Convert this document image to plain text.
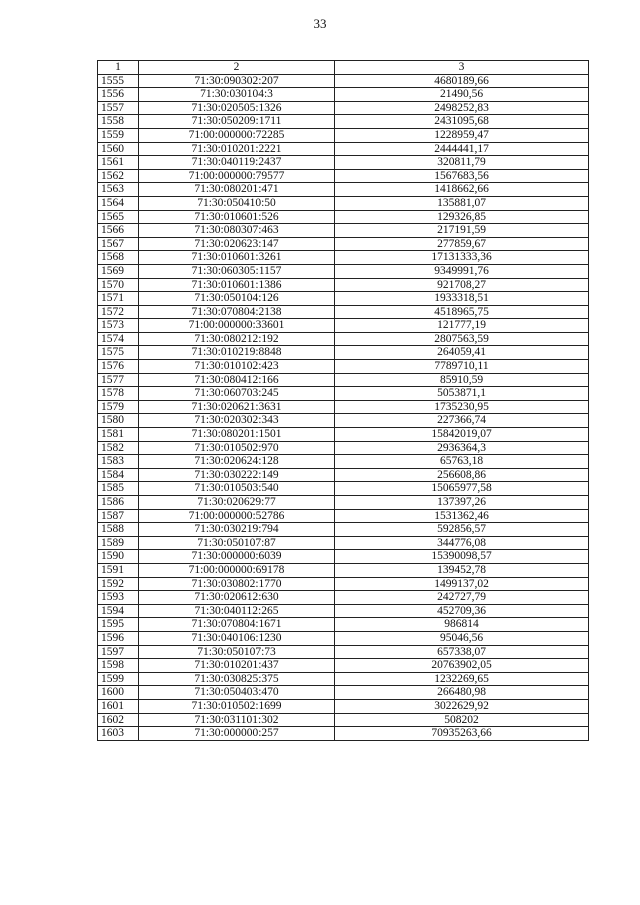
33
1	2	3
1555	71:30:090302:207	4680189,66
1556	71:30:030104:3	21490,56
1557	71:30:020505:1326	2498252,83
1558	71:30:050209:1711	2431095,68
1559	71:00:000000:72285	1228959,47
1560	71:30:010201:2221	2444441,17
1561	71:30:040119:2437	320811,79
1562	71:00:000000:79577	1567683,56
1563	71:30:080201:471	1418662,66
1564	71:30:050410:50	135881,07
1565	71:30:010601:526	129326,85
1566	71:30:080307:463	217191,59
1567	71:30:020623:147	277859,67
1568	71:30:010601:3261	17131333,36
1569	71:30:060305:1157	9349991,76
1570	71:30:010601:1386	921708,27
1571	71:30:050104:126	1933318,51
1572	71:30:070804:2138	4518965,75
1573	71:00:000000:33601	121777,19
1574	71:30:080212:192	2807563,59
1575	71:30:010219:8848	264059,41
1576	71:30:010102:423	7789710,11
1577	71:30:080412:166	85910,59
1578	71:30:060703:245	5053871,1
1579	71:30:020621:3631	1735230,95
1580	71:30:020302:343	227366,74
1581	71:30:080201:1501	15842019,07
1582	71:30:010502:970	2936364,3
1583	71:30:020624:128	65763,18
1584	71:30:030222:149	256608,86
1585	71:30:010503:540	15065977,58
1586	71:30:020629:77	137397,26
1587	71:00:000000:52786	1531362,46
1588	71:30:030219:794	592856,57
1589	71:30:050107:87	344776,08
1590	71:30:000000:6039	15390098,57
1591	71:00:000000:69178	139452,78
1592	71:30:030802:1770	1499137,02
1593	71:30:020612:630	242727,79
1594	71:30:040112:265	452709,36
1595	71:30:070804:1671	986814
1596	71:30:040106:1230	95046,56
1597	71:30:050107:73	657338,07
1598	71:30:010201:437	20763902,05
1599	71:30:030825:375	1232269,65
1600	71:30:050403:470	266480,98
1601	71:30:010502:1699	3022629,92
1602	71:30:031101:302	508202
1603	71:30:000000:257	70935263,66
